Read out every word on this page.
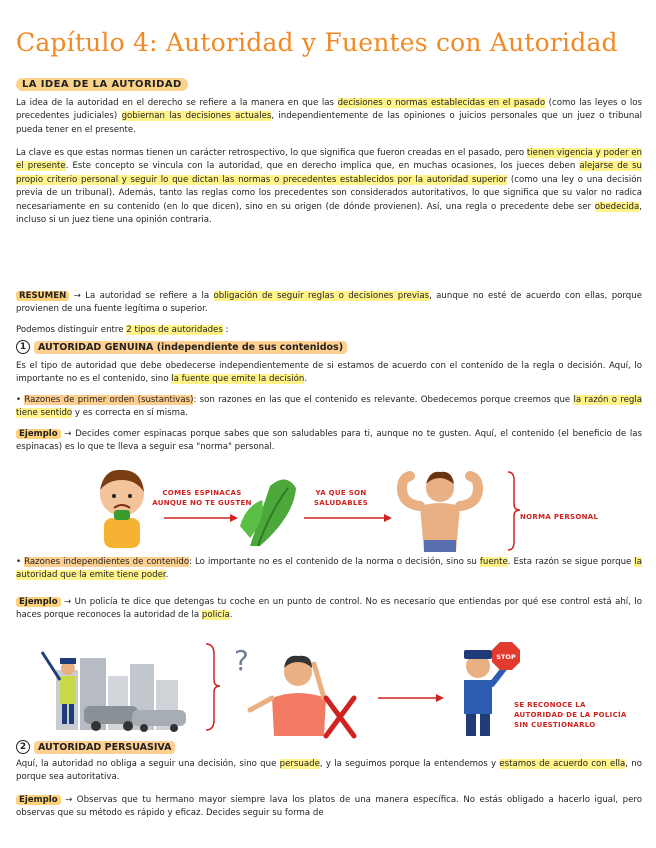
Capítulo 4: Autoridad y Fuentes con Autoridad
LA IDEA DE LA AUTORIDAD

La idea de la autoridad en el derecho se refiere a la manera en que las decisiones o normas establecidas en el pasado (como las leyes o los precedentes judiciales) gobiernan las decisiones actuales, independientemente de las opiniones o juicios personales que un juez o tribunal pueda tener en el presente.

La clave es que estas normas tienen un carácter retrospectivo, lo que significa que fueron creadas en el pasado, pero tienen vigencia y poder en el presente. Este concepto se vincula con la autoridad, que en derecho implica que, en muchas ocasiones, los jueces deben alejarse de su propio criterio personal y seguir lo que dictan las normas o precedentes establecidos por la autoridad superior (como una ley o una decisión previa de un tribunal). Además, tanto las reglas como los precedentes son considerados autoritativos, lo que significa que su valor no radica necesariamente en su contenido (en lo que dicen), sino en su origen (de dónde provienen). Así, una regla o precedente debe ser obedecida, incluso si un juez tiene una opinión contraria.

RESUMEN → La autoridad se refiere a la obligación de seguir reglas o decisiones previas, aunque no esté de acuerdo con ellas, porque provienen de una fuente legítima o superior.

Podemos distinguir entre 2 tipos de autoridades :

1 AUTORIDAD GENUINA (independiente de sus contenidos)

Es el tipo de autoridad que debe obedecerse independientemente de si estamos de acuerdo con el contenido de la regla o decisión. Aquí, lo importante no es el contenido, sino la fuente que emite la decisión.

• Razones de primer orden (sustantivas): son razones en las que el contenido es relevante. Obedecemos porque creemos que la razón o regla tiene sentido y es correcta en sí misma.

Ejemplo → Decides comer espinacas porque sabes que son saludables para ti, aunque no te gusten. Aquí, el contenido (el beneficio de las espinacas) es lo que te lleva a seguir esa "norma" personal.

COMES ESPINACAS AUNQUE NO TE GUSTEN
YA QUE SON SALUDABLES
NORMA PERSONAL

• Razones independientes de contenido: Lo importante no es el contenido de la norma o decisión, sino su fuente. Esta razón se sigue porque la autoridad que la emite tiene poder.

Ejemplo → Un policía te dice que detengas tu coche en un punto de control. No es necesario que entiendas por qué ese control está ahí, lo haces porque reconoces la autoridad de la policía.

?	STOP
SE RECONOCE LA AUTORIDAD DE LA POLICÍA SIN CUESTIONARLO
2 AUTORIDAD PERSUASIVA

Aquí, la autoridad no obliga a seguir una decisión, sino que persuade, y la seguimos porque la entendemos y estamos de acuerdo con ella, no porque sea autoritativa.

Ejemplo → Observas que tu hermano mayor siempre lava los platos de una manera específica. No estás obligado a hacerlo igual, pero observas que su método es rápido y eficaz. Decides seguir su forma de
